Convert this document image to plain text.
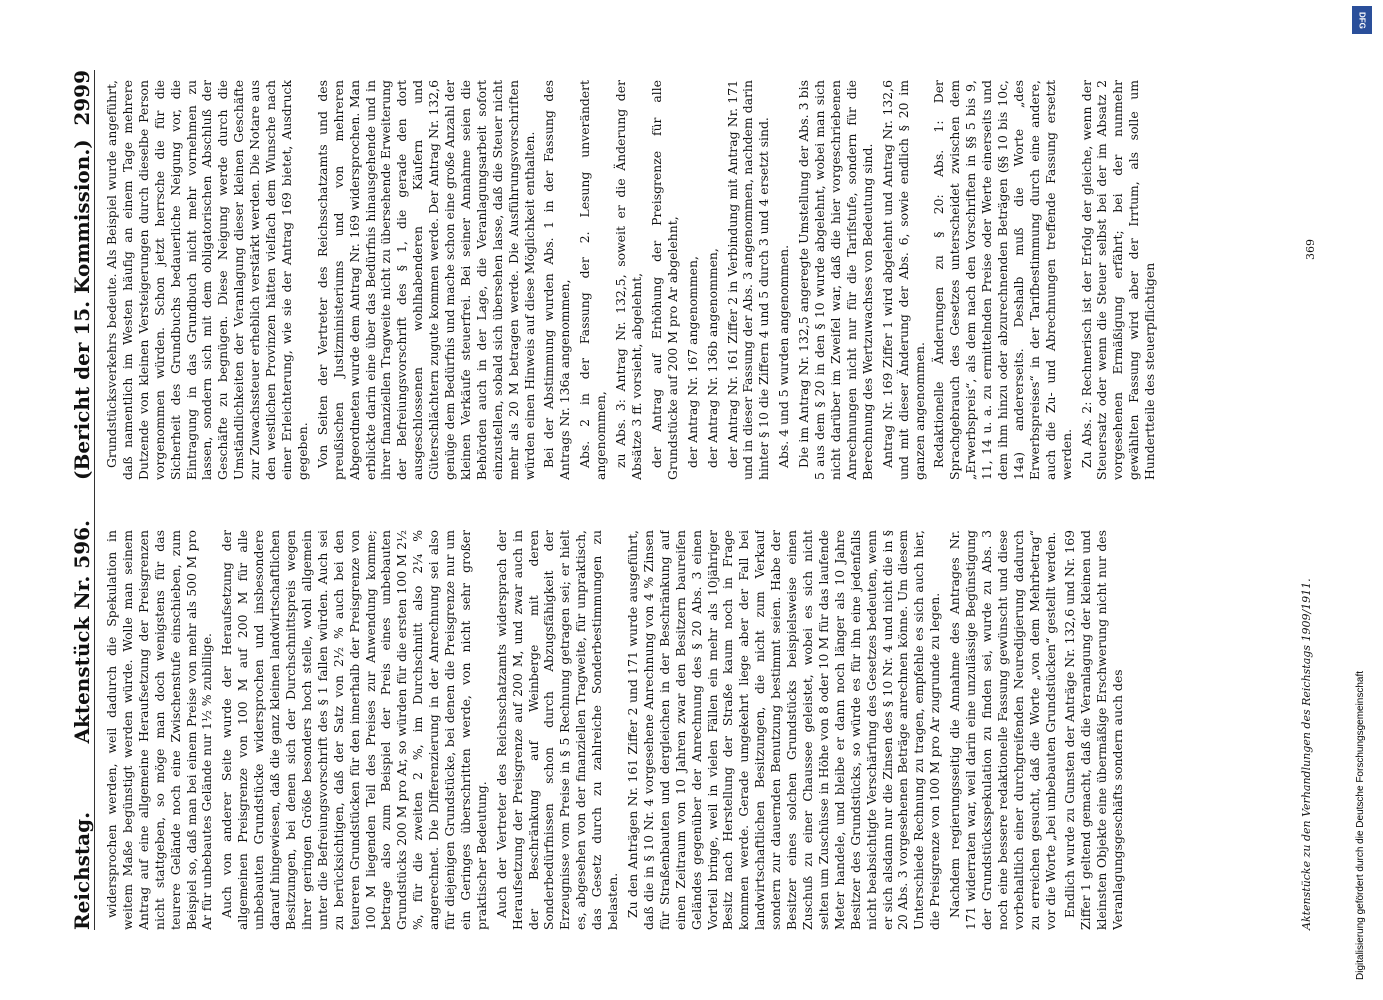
Reichstag.
Aktenstück Nr. 596.
(Bericht der 15. Kommission.)
2999

widersprochen werden, weil dadurch die Spekulation in weitem Maße begünstigt werden würde. Wolle man seinem Antrag auf eine allgemeine Heraufsetzung der Preisgrenzen nicht stattgeben, so möge man doch wenigstens für das teurere Gelände noch eine Zwischenstufe einschieben, zum Beispiel so, daß man bei einem Preise von mehr als 500 M pro Ar für unbebautes Gelände nur 1½ % zubillige. Auch von anderer Seite wurde der Heraufsetzung der allgemeinen Preisgrenze von 100 M auf 200 M für alle unbebauten Grundstücke widersprochen und insbesondere darauf hingewiesen, daß die ganz kleinen landwirtschaftlichen Besitzungen, bei denen sich der Durchschnittspreis wegen ihrer geringen Größe besonders hoch stelle, wohl allgemein unter die Befreiungsvorschrift des § 1 fallen würden. Auch sei zu berücksichtigen, daß der Satz von 2½ % auch bei den teureren Grundstücken für den innerhalb der Preisgrenze von 100 M liegenden Teil des Preises zur Anwendung komme; betrage also zum Beispiel der Preis eines unbebauten Grundstücks 200 M pro Ar, so würden für die ersten 100 M 2½ %, für die zweiten 2 %, im Durchschnitt also 2¼ % angerechnet. Die Differenzierung in der Anrechnung sei also für diejenigen Grundstücke, bei denen die Preisgrenze nur um ein Geringes überschritten werde, von nicht sehr großer praktischer Bedeutung. Auch der Vertreter des Reichsschatzamts widersprach der Heraufsetzung der Preisgrenze auf 200 M, und zwar auch in der Beschränkung auf Weinberge mit deren Sonderbedürfnissen schon durch Abzugsfähigkeit der Erzeugnisse vom Preise in § 5 Rechnung getragen sei; er hielt es, abgesehen von der finanziellen Tragweite, für unpraktisch, das Gesetz durch zu zahlreiche Sonderbestimmungen zu belasten. Zu den Anträgen Nr. 161 Ziffer 2 und 171 wurde ausgeführt, daß die in § 10 Nr. 4 vorgesehene Anrechnung von 4 % Zinsen für Straßenbauten und dergleichen in der Beschränkung auf einen Zeitraum von 10 Jahren zwar den Besitzern baureifen Geländes gegenüber der Anrechnung des § 20 Abs. 3 einen Vorteil bringe, weil in vielen Fällen ein mehr als 10jähriger Besitz nach Herstellung der Straße kaum noch in Frage kommen werde. Gerade umgekehrt liege aber der Fall bei landwirtschaftlichen Besitzungen, die nicht zum Verkauf sondern zur dauernden Benutzung bestimmt seien. Habe der Besitzer eines solchen Grundstücks beispielsweise einen Zuschuß zu einer Chaussee geleistet, wobei es sich nicht selten um Zuschüsse in Höhe von 8 oder 10 M für das laufende Meter handele, und bleibe er dann noch länger als 10 Jahre Besitzer des Grundstücks, so würde es für ihn eine jedenfalls nicht beabsichtigte Verschärfung des Gesetzes bedeuten, wenn er sich alsdann nur die Zinsen des § 10 Nr. 4 und nicht die in § 20 Abs. 3 vorgesehenen Beträge anrechnen könne. Um diesem Unterschiede Rechnung zu tragen, empfehle es sich auch hier, die Preisgrenze von 100 M pro Ar zugrunde zu legen. Nachdem regierungsseitig die Annahme des Antrages Nr. 171 widerraten war, weil darin eine unzulässige Begünstigung der Grundstücksspekulation zu finden sei, wurde zu Abs. 3 noch eine bessere redaktionelle Fassung gewünscht und diese vorbehaltlich einer durchgreifenden Neuredigierung dadurch zu erreichen gesucht, daß die Worte „von dem Mehrbetrag“ vor die Worte „bei unbebauten Grundstücken“ gestellt werden. Endlich wurde zu Gunsten der Anträge Nr. 132,6 und Nr. 169 Ziffer 1 geltend gemacht, daß die Veranlagung der kleinen und kleinsten Objekte eine übermäßige Erschwerung nicht nur des Veranlagungsgeschäfts sondern auch des

Grundstücksverkehrs bedeute. Als Beispiel wurde angeführt, daß namentlich im Westen häufig an einem Tage mehrere Dutzende von kleinen Versteigerungen durch dieselbe Person vorgenommen würden. Schon jetzt herrsche die für die Sicherheit des Grundbuchs bedauerliche Neigung vor, die Eintragung in das Grundbuch nicht mehr vornehmen zu lassen, sondern sich mit dem obligatorischen Abschluß der Geschäfte zu begnügen. Diese Neigung werde durch die Umständlichkeiten der Veranlagung dieser kleinen Geschäfte zur Zuwachssteuer erheblich verstärkt werden. Die Notare aus den westlichen Provinzen hätten vielfach dem Wunsche nach einer Erleichterung, wie sie der Antrag 169 bietet, Ausdruck gegeben. Von Seiten der Vertreter des Reichsschatzamts und des preußischen Justizministeriums und von mehreren Abgeordneten wurde dem Antrag Nr. 169 widersprochen. Man erblickte darin eine über das Bedürfnis hinausgehende und in ihrer finanziellen Tragweite nicht zu übersehende Erweiterung der Befreiungsvorschrift des § 1, die gerade den dort ausgeschlossenen wohlhabenderen Käufern und Güterschlächtern zugute kommen werde. Der Antrag Nr. 132,6 genüge dem Bedürfnis und mache schon eine große Anzahl der kleinen Verkäufe steuerfrei. Bei seiner Annahme seien die Behörden auch in der Lage, die Veranlagungsarbeit sofort einzustellen, sobald sich übersehen lasse, daß die Steuer nicht mehr als 20 M betragen werde. Die Ausführungsvorschriften würden einen Hinweis auf diese Möglichkeit enthalten. Bei der Abstimmung wurden Abs. 1 in der Fassung des Antrags Nr. 136a angenommen, Abs. 2 in der Fassung der 2. Lesung unverändert angenommen, zu Abs. 3: Antrag Nr. 132,5, soweit er die Änderung der Absätze 3 ff. vorsieht, abgelehnt, der Antrag auf Erhöhung der Preisgrenze für alle Grundstücke auf 200 M pro Ar abgelehnt, der Antrag Nr. 167 angenommen, der Antrag Nr. 136b angenommen, der Antrag Nr. 161 Ziffer 2 in Verbindung mit Antrag Nr. 171 und in dieser Fassung der Abs. 3 angenommen, nachdem darin hinter § 10 die Ziffern 4 und 5 durch 3 und 4 ersetzt sind. Abs. 4 und 5 wurden angenommen. Die im Antrag Nr. 132,5 angeregte Umstellung der Abs. 3 bis 5 aus dem § 20 in den § 10 wurde abgelehnt, wobei man sich nicht darüber im Zweifel war, daß die hier vorgeschriebenen Anrechnungen nicht nur für die Tarifstufe, sondern für die Berechnung des Wertzuwachses von Bedeutung sind. Antrag Nr. 169 Ziffer 1 wird abgelehnt und Antrag Nr. 132,6 und mit dieser Änderung der Abs. 6, sowie endlich § 20 im ganzen angenommen. Redaktionelle Änderungen zu § 20: Abs. 1: Der Sprachgebrauch des Gesetzes unterscheidet zwischen dem „Erwerbspreis“, als dem nach den Vorschriften in §§ 5 bis 9, 11, 14 u. a. zu ermittelnden Preise oder Werte einerseits und dem ihm hinzu oder abzurechnenden Beträgen (§§ 10 bis 10c, 14a) andererseits. Deshalb muß die Worte „des Erwerbspreises“ in der Tarifbestimmung durch eine andere, auch die Zu- und Abrechnungen treffende Fassung ersetzt werden. Zu Abs. 2: Rechnerisch ist der Erfolg der gleiche, wenn der Steuersatz oder wenn die Steuer selbst bei der im Absatz 2 vorgesehenen Ermäßigung erfährt; bei der nunmehr gewählten Fassung wird aber der Irrtum, als solle um Hundertteile des steuerpflichtigen

Aktenstücke zu den Verhandlungen des Reichstags 1909/1911.
369
DFG
Digitalisierung gefördert durch die Deutsche Forschungsgemeinschaft
